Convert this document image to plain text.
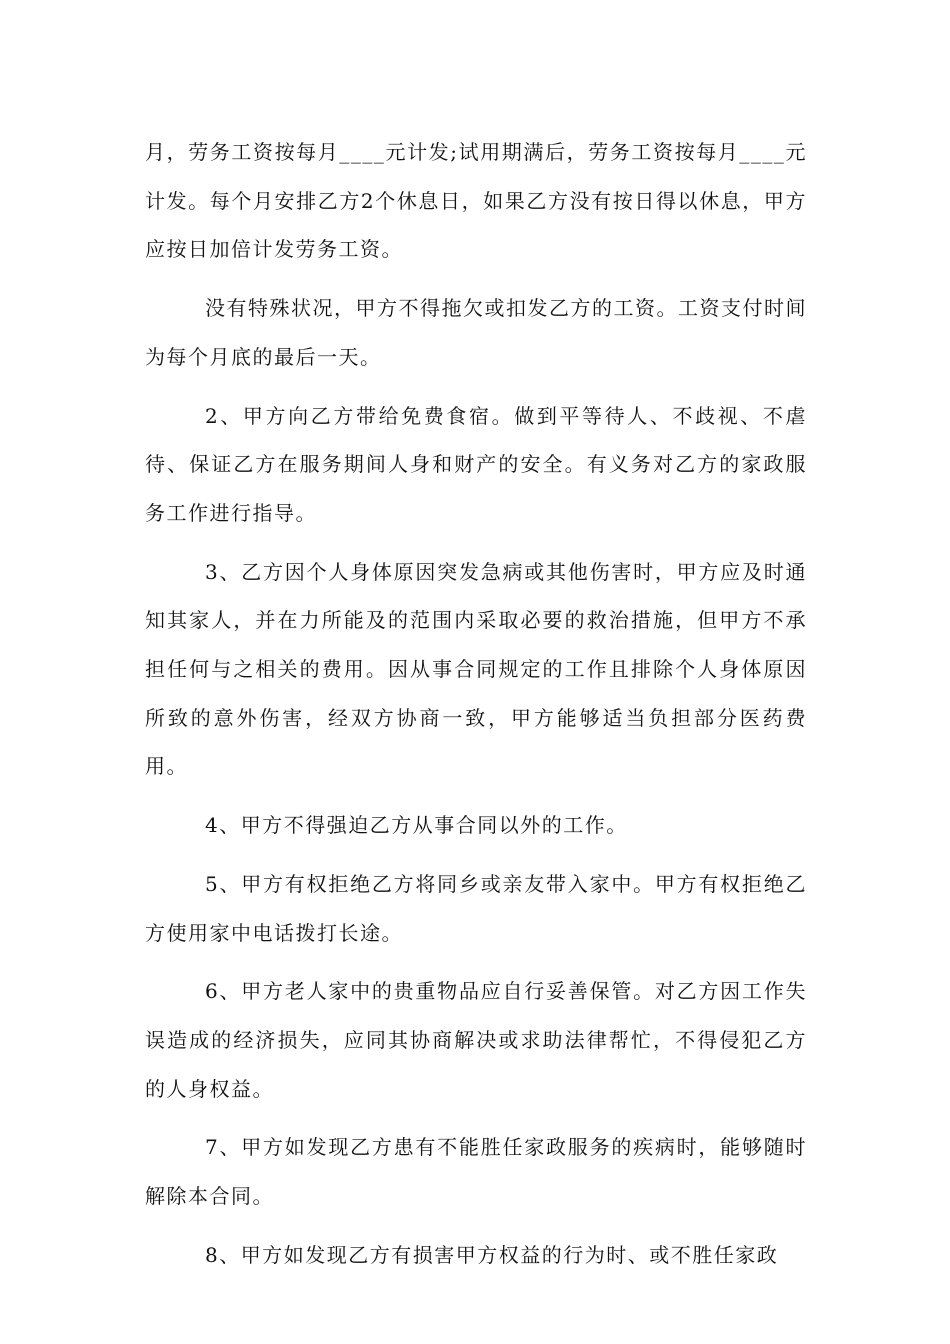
月，劳务工资按每月____元计发;试用期满后，劳务工资按每月____元计发。每个月安排乙方2个休息日，如果乙方没有按日得以休息，甲方应按日加倍计发劳务工资。

没有特殊状况，甲方不得拖欠或扣发乙方的工资。工资支付时间为每个月底的最后一天。

2、甲方向乙方带给免费食宿。做到平等待人、不歧视、不虐待、保证乙方在服务期间人身和财产的安全。有义务对乙方的家政服务工作进行指导。

3、乙方因个人身体原因突发急病或其他伤害时，甲方应及时通知其家人，并在力所能及的范围内采取必要的救治措施，但甲方不承担任何与之相关的费用。因从事合同规定的工作且排除个人身体原因所致的意外伤害，经双方协商一致，甲方能够适当负担部分医药费用。

4、甲方不得强迫乙方从事合同以外的工作。

5、甲方有权拒绝乙方将同乡或亲友带入家中。甲方有权拒绝乙方使用家中电话拨打长途。

6、甲方老人家中的贵重物品应自行妥善保管。对乙方因工作失误造成的经济损失，应同其协商解决或求助法律帮忙，不得侵犯乙方的人身权益。

7、甲方如发现乙方患有不能胜任家政服务的疾病时，能够随时解除本合同。

8、甲方如发现乙方有损害甲方权益的行为时、或不胜任家政
